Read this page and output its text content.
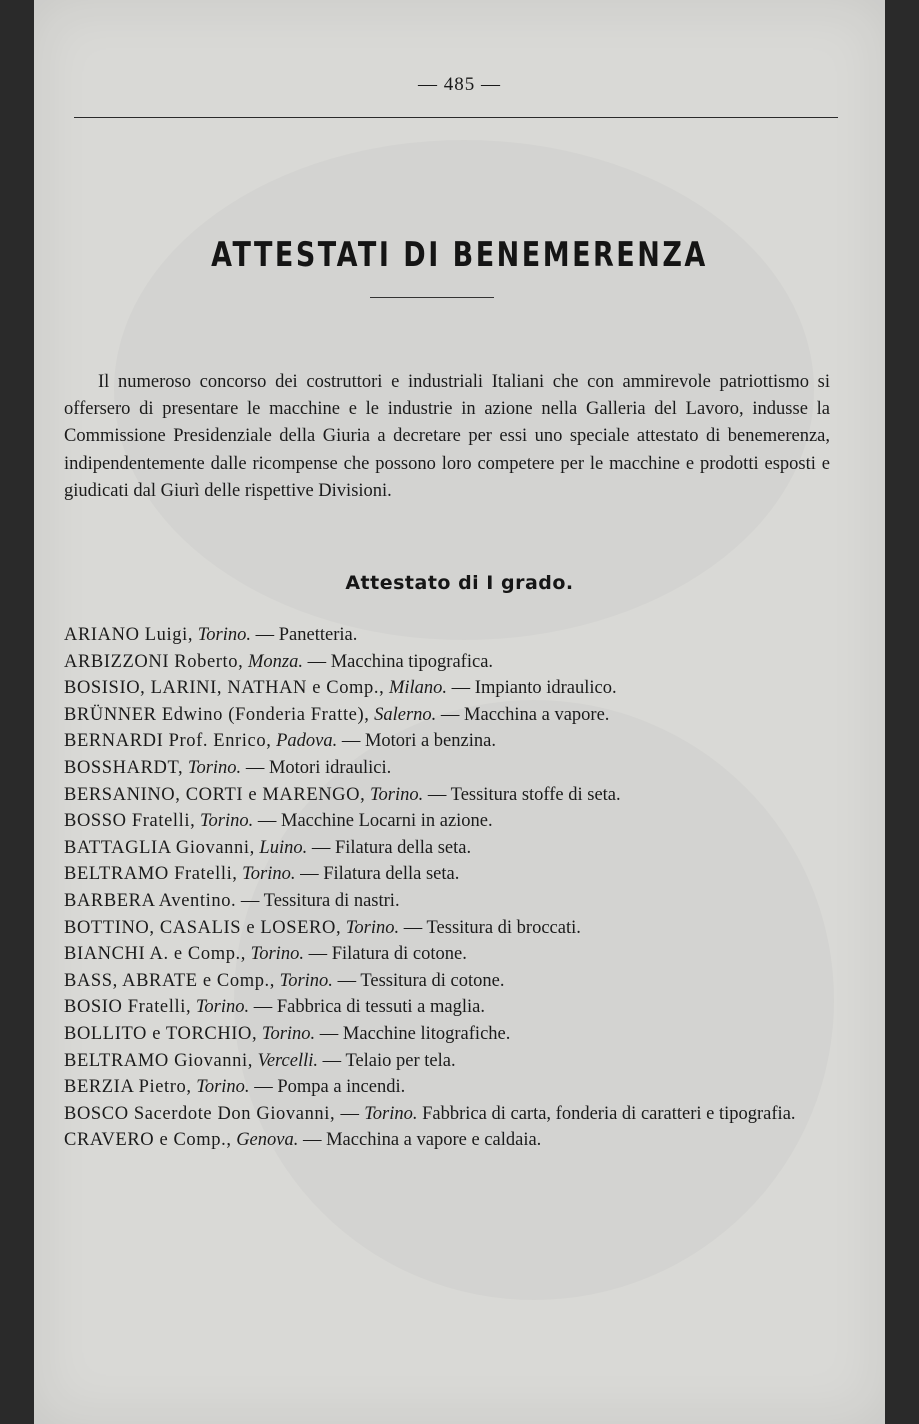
— 485 —
ATTESTATI DI BENEMERENZA

Il numeroso concorso dei costruttori e industriali Italiani che con ammirevole patriottismo si offersero di presentare le macchine e le industrie in azione nella Galleria del Lavoro, indusse la Commissione Presidenziale della Giuria a decretare per essi uno speciale attestato di benemerenza, indipendentemente dalle ricompense che possono loro competere per le macchine e prodotti esposti e giudicati dal Giurì delle rispettive Divisioni.

Attestato di I grado.
ARIANO Luigi, Torino. — Panetteria.
ARBIZZONI Roberto, Monza. — Macchina tipografica.
BOSISIO, LARINI, NATHAN e Comp., Milano. — Impianto idraulico.
BRÜNNER Edwino (Fonderia Fratte), Salerno. — Macchina a vapore.
BERNARDI Prof. Enrico, Padova. — Motori a benzina.
BOSSHARDT, Torino. — Motori idraulici.
BERSANINO, CORTI e MARENGO, Torino. — Tessitura stoffe di seta.
BOSSO Fratelli, Torino. — Macchine Locarni in azione.
BATTAGLIA Giovanni, Luino. — Filatura della seta.
BELTRAMO Fratelli, Torino. — Filatura della seta.
BARBERA Aventino. — Tessitura di nastri.
BOTTINO, CASALIS e LOSERO, Torino. — Tessitura di broccati.
BIANCHI A. e Comp., Torino. — Filatura di cotone.
BASS, ABRATE e Comp., Torino. — Tessitura di cotone.
BOSIO Fratelli, Torino. — Fabbrica di tessuti a maglia.
BOLLITO e TORCHIO, Torino. — Macchine litografiche.
BELTRAMO Giovanni, Vercelli. — Telaio per tela.
BERZIA Pietro, Torino. — Pompa a incendi.
BOSCO Sacerdote Don Giovanni, — Torino. Fabbrica di carta, fonderia di caratteri e tipografia.
CRAVERO e Comp., Genova. — Macchina a vapore e caldaia.
